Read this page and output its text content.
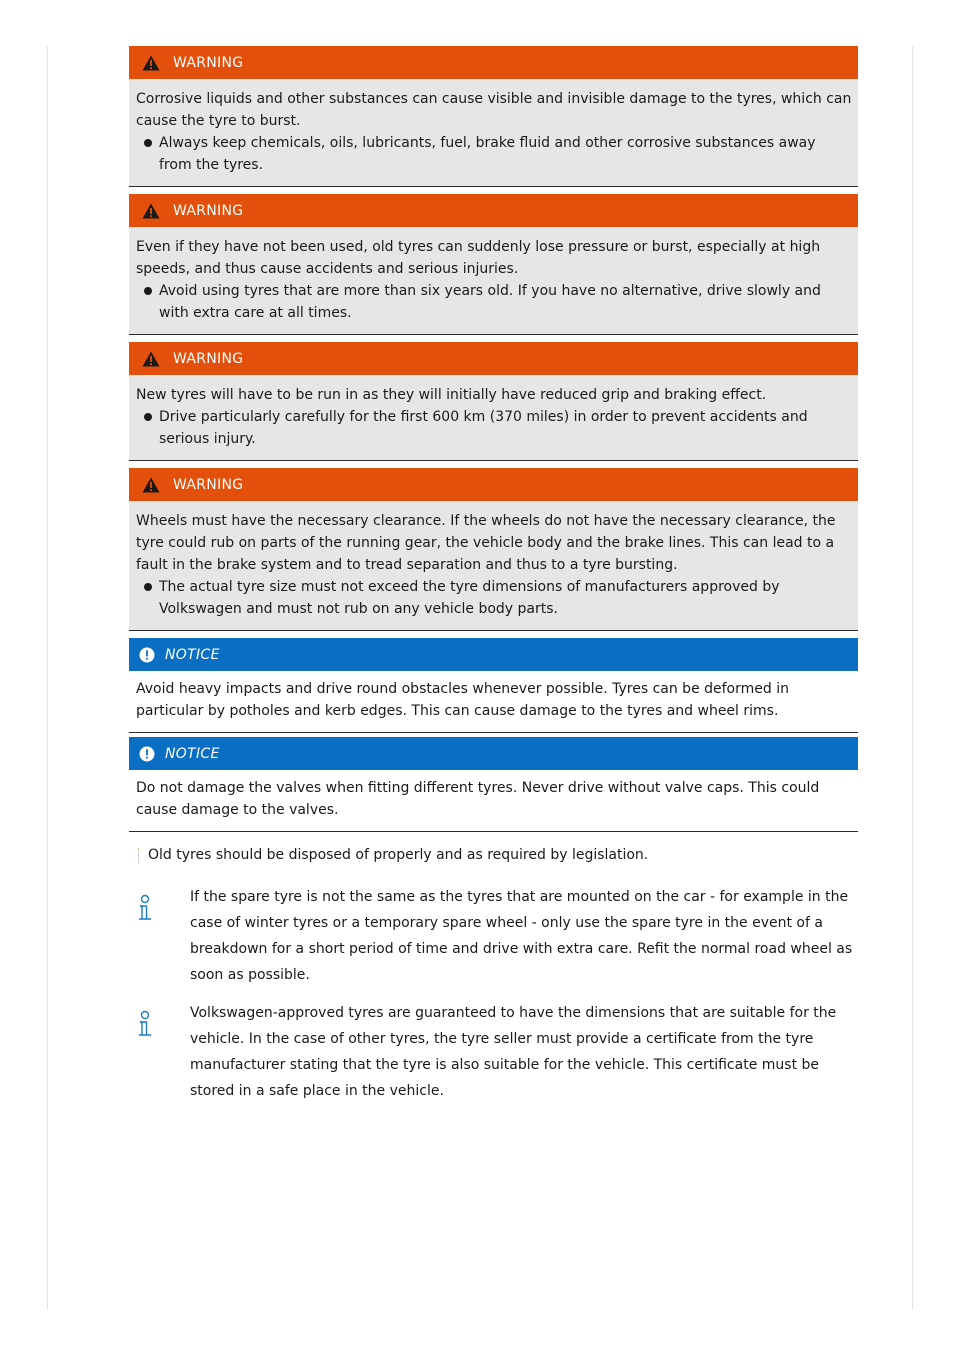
WARNING

Corrosive liquids and other substances can cause visible and invisible damage to the tyres, which can cause the tyre to burst.

Always keep chemicals, oils, lubricants, fuel, brake fluid and other corrosive substances away from the tyres.
WARNING

Even if they have not been used, old tyres can suddenly lose pressure or burst, especially at high speeds, and thus cause accidents and serious injuries.

Avoid using tyres that are more than six years old. If you have no alternative, drive slowly and with extra care at all times.
WARNING

New tyres will have to be run in as they will initially have reduced grip and braking effect.

Drive particularly carefully for the first 600 km (370 miles) in order to prevent accidents and serious injury.
WARNING

Wheels must have the necessary clearance. If the wheels do not have the necessary clearance, the tyre could rub on parts of the running gear, the vehicle body and the brake lines. This can lead to a fault in the brake system and to tread separation and thus to a tyre bursting.

The actual tyre size must not exceed the tyre dimensions of manufacturers approved by Volkswagen and must not rub on any vehicle body parts.
NOTICE

Avoid heavy impacts and drive round obstacles whenever possible. Tyres can be deformed in particular by potholes and kerb edges. This can cause damage to the tyres and wheel rims.

NOTICE

Do not damage the valves when fitting different tyres. Never drive without valve caps. This could cause damage to the valves.

Old tyres should be disposed of properly and as required by legislation.
If the spare tyre is not the same as the tyres that are mounted on the car - for example in the case of winter tyres or a temporary spare wheel - only use the spare tyre in the event of a breakdown for a short period of time and drive with extra care. Refit the normal road wheel as soon as possible.
Volkswagen-approved tyres are guaranteed to have the dimensions that are suitable for the vehicle. In the case of other tyres, the tyre seller must provide a certificate from the tyre manufacturer stating that the tyre is also suitable for the vehicle. This certificate must be stored in a safe place in the vehicle.
